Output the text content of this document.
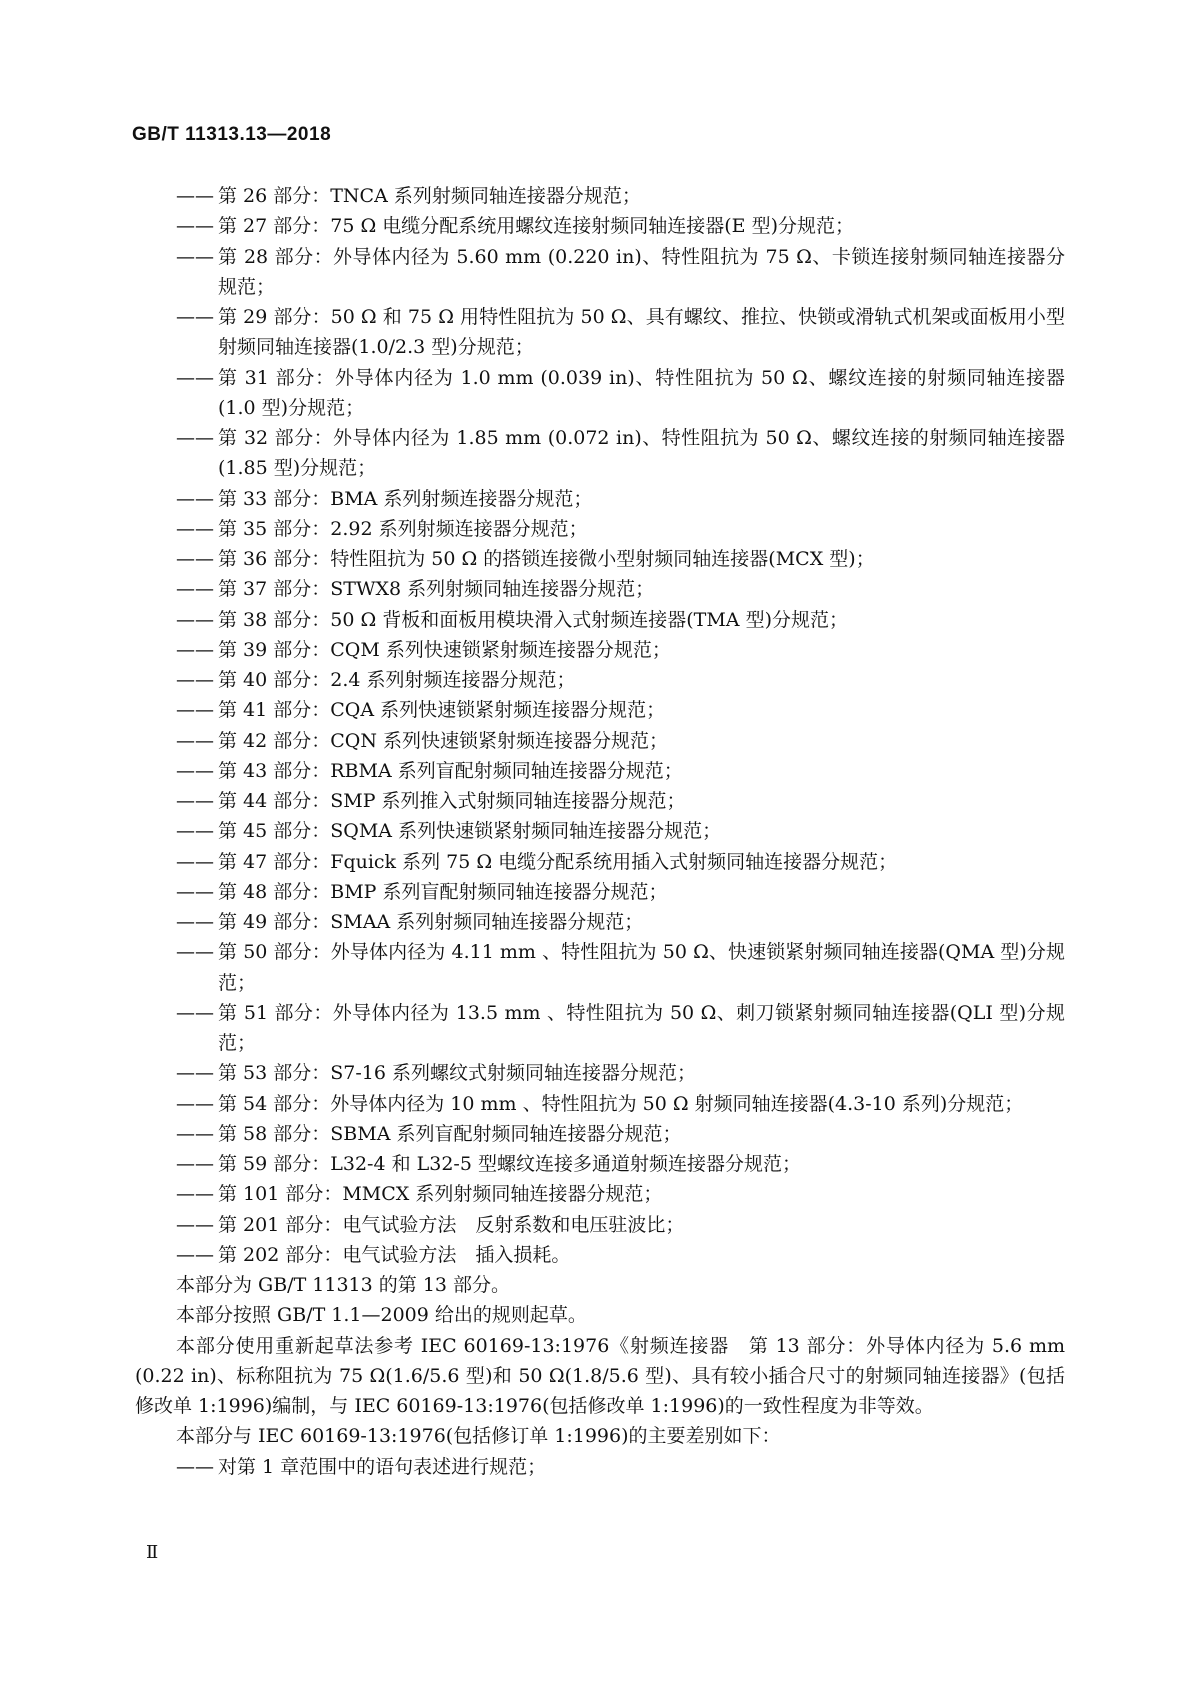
GB/T 11313.13—2018
—— 第 26 部分：TNCA 系列射频同轴连接器分规范；
—— 第 27 部分：75 Ω 电缆分配系统用螺纹连接射频同轴连接器(E 型)分规范；
—— 第 28 部分：外导体内径为 5.60 mm (0.220 in)、特性阻抗为 75 Ω、卡锁连接射频同轴连接器分规范；
—— 第 29 部分：50 Ω 和 75 Ω 用特性阻抗为 50 Ω、具有螺纹、推拉、快锁或滑轨式机架或面板用小型射频同轴连接器(1.0/2.3 型)分规范；
—— 第 31 部分：外导体内径为 1.0 mm (0.039 in)、特性阻抗为 50 Ω、螺纹连接的射频同轴连接器(1.0 型)分规范；
—— 第 32 部分：外导体内径为 1.85 mm (0.072 in)、特性阻抗为 50 Ω、螺纹连接的射频同轴连接器(1.85 型)分规范；
—— 第 33 部分：BMA 系列射频连接器分规范；
—— 第 35 部分：2.92 系列射频连接器分规范；
—— 第 36 部分：特性阻抗为 50 Ω 的搭锁连接微小型射频同轴连接器(MCX 型)；
—— 第 37 部分：STWX8 系列射频同轴连接器分规范；
—— 第 38 部分：50 Ω 背板和面板用模块滑入式射频连接器(TMA 型)分规范；
—— 第 39 部分：CQM 系列快速锁紧射频连接器分规范；
—— 第 40 部分：2.4 系列射频连接器分规范；
—— 第 41 部分：CQA 系列快速锁紧射频连接器分规范；
—— 第 42 部分：CQN 系列快速锁紧射频连接器分规范；
—— 第 43 部分：RBMA 系列盲配射频同轴连接器分规范；
—— 第 44 部分：SMP 系列推入式射频同轴连接器分规范；
—— 第 45 部分：SQMA 系列快速锁紧射频同轴连接器分规范；
—— 第 47 部分：Fquick 系列 75 Ω 电缆分配系统用插入式射频同轴连接器分规范；
—— 第 48 部分：BMP 系列盲配射频同轴连接器分规范；
—— 第 49 部分：SMAA 系列射频同轴连接器分规范；
—— 第 50 部分：外导体内径为 4.11 mm 、特性阻抗为 50 Ω、快速锁紧射频同轴连接器(QMA 型)分规范；
—— 第 51 部分：外导体内径为 13.5 mm 、特性阻抗为 50 Ω、刺刀锁紧射频同轴连接器(QLI 型)分规范；
—— 第 53 部分：S7-16 系列螺纹式射频同轴连接器分规范；
—— 第 54 部分：外导体内径为 10 mm 、特性阻抗为 50 Ω 射频同轴连接器(4.3-10 系列)分规范；
—— 第 58 部分：SBMA 系列盲配射频同轴连接器分规范；
—— 第 59 部分：L32-4 和 L32-5 型螺纹连接多通道射频连接器分规范；
—— 第 101 部分：MMCX 系列射频同轴连接器分规范；
—— 第 201 部分：电气试验方法　反射系数和电压驻波比；
—— 第 202 部分：电气试验方法　插入损耗。
本部分为 GB/T 11313 的第 13 部分。
本部分按照 GB/T 1.1—2009 给出的规则起草。
本部分使用重新起草法参考 IEC 60169-13:1976《射频连接器　第 13 部分：外导体内径为 5.6 mm (0.22 in)、标称阻抗为 75 Ω(1.6/5.6 型)和 50 Ω(1.8/5.6 型)、具有较小插合尺寸的射频同轴连接器》(包括修改单 1:1996)编制，与 IEC 60169-13:1976(包括修改单 1:1996)的一致性程度为非等效。
本部分与 IEC 60169-13:1976(包括修订单 1:1996)的主要差别如下：
—— 对第 1 章范围中的语句表述进行规范；
Ⅱ
